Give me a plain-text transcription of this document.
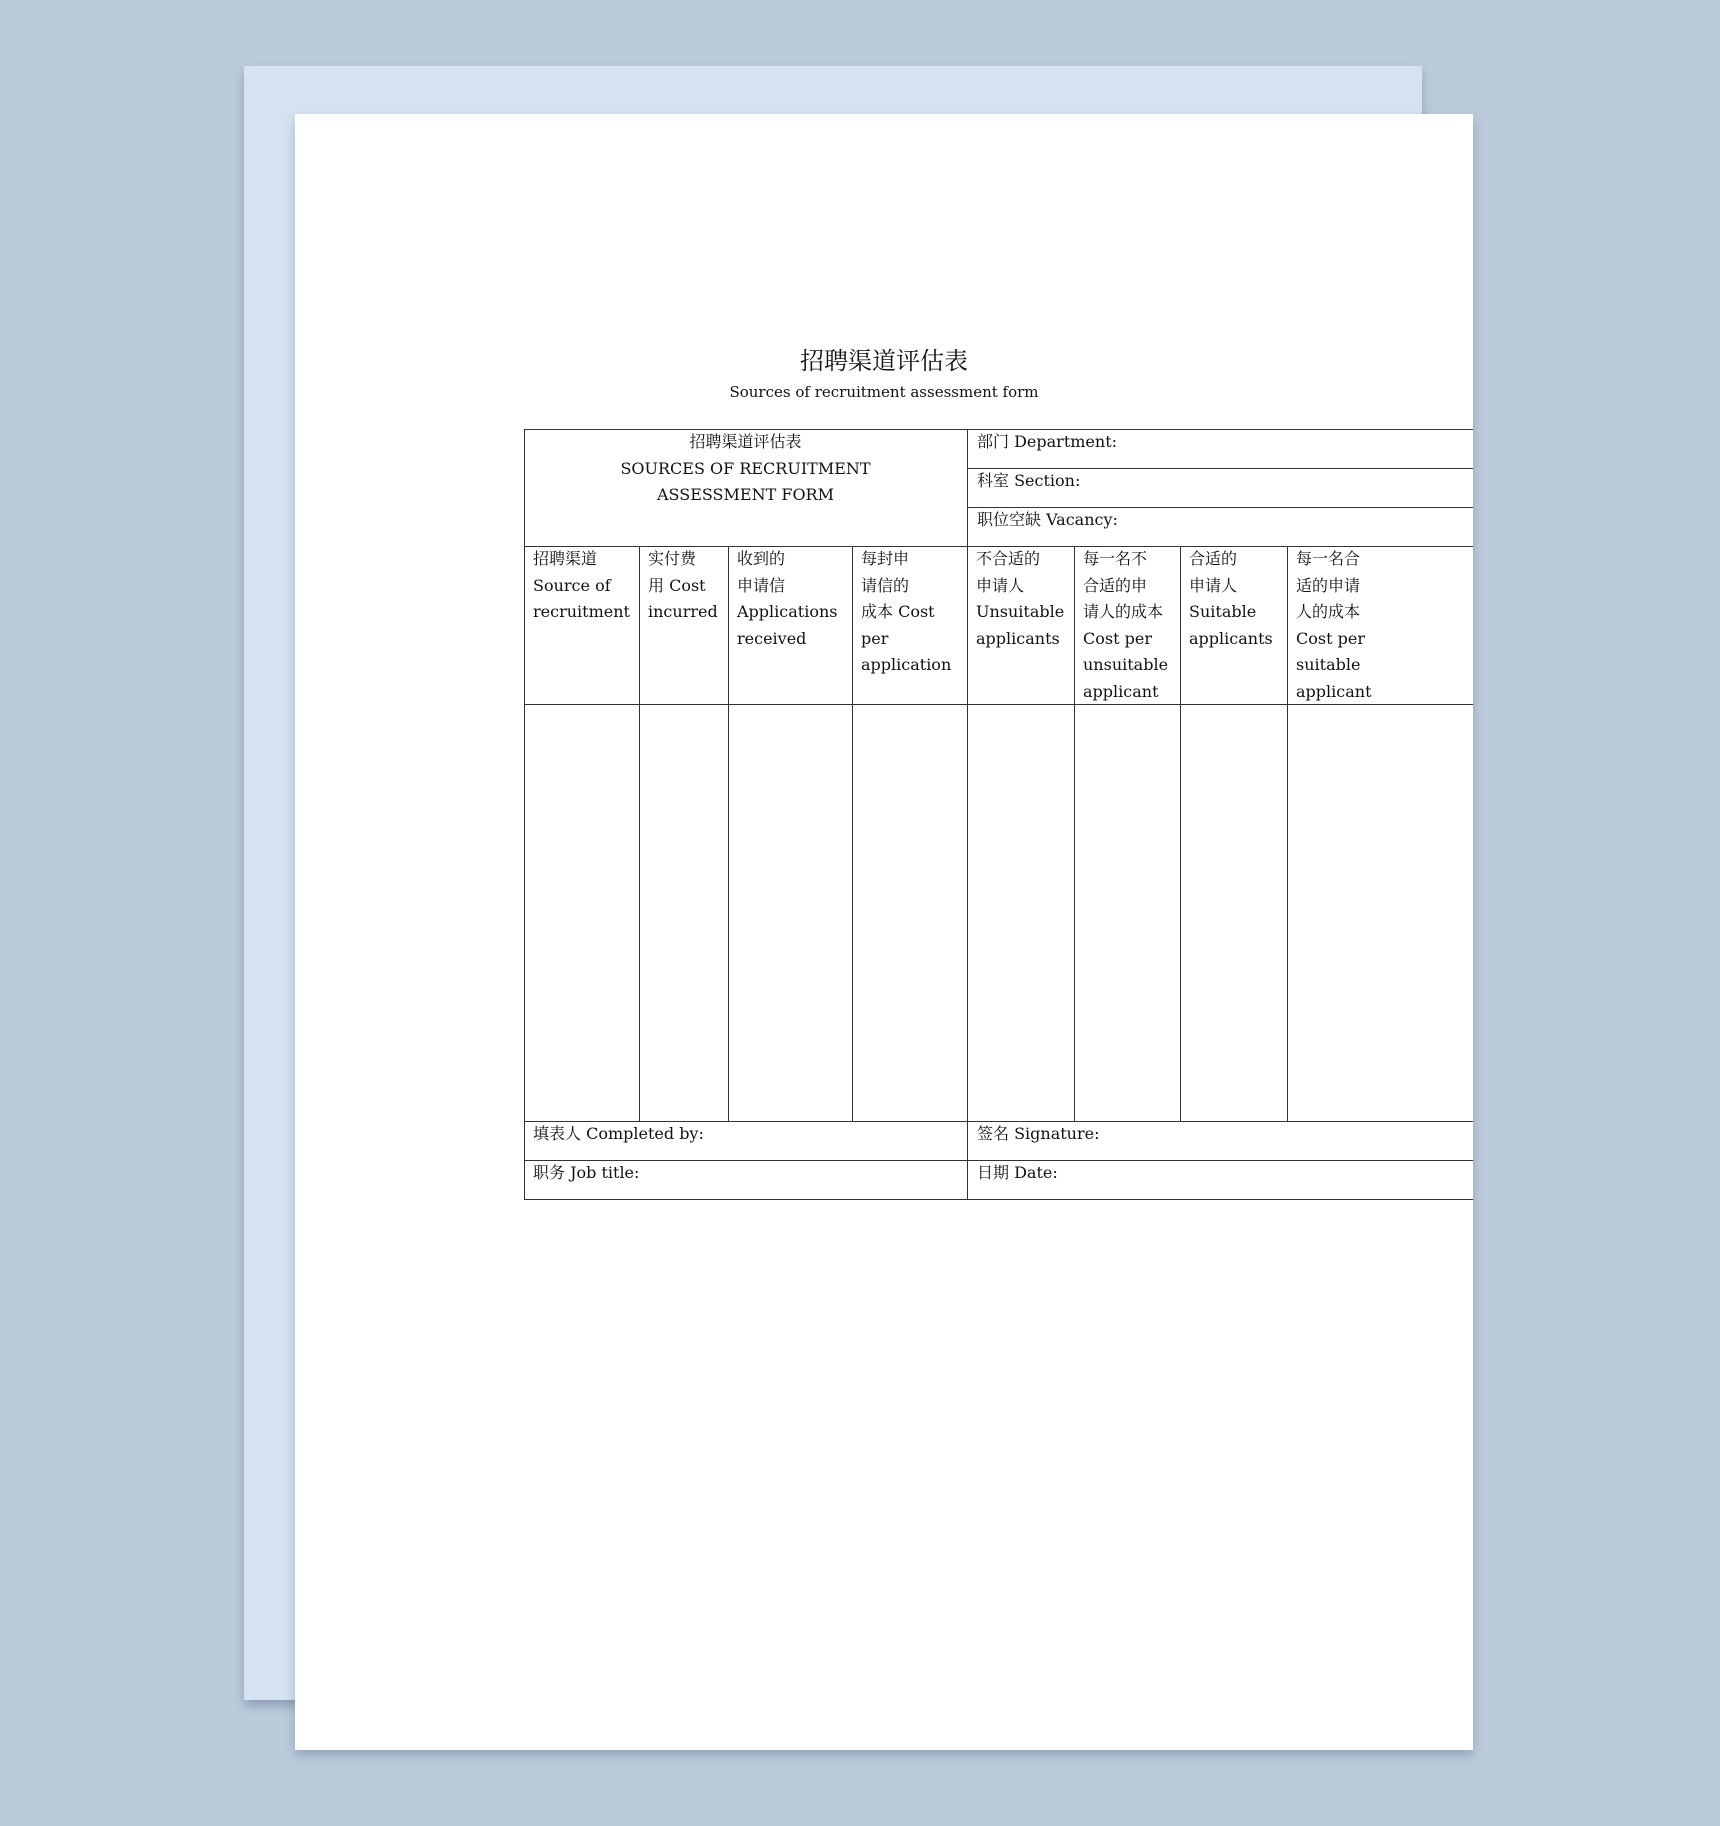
招聘渠道评估表
Sources of recruitment assessment form
招聘渠道评估表
SOURCES OF RECRUITMENT
ASSESSMENT FORM
部门 Department:
科室 Section:
职位空缺 Vacancy:
招聘渠道
Source of
recruitment
实付费
用 Cost
incurred
收到的
申请信
Applications
received
每封申
请信的
成本 Cost
per
application
不合适的
申请人
Unsuitable
applicants
每一名不
合适的申
请人的成本
Cost per
unsuitable
applicant
合适的
申请人
Suitable
applicants
每一名合
适的申请
人的成本
Cost per
suitable
applicant
填表人 Completed by:	签名 Signature:
职务 Job title:	日期 Date:
